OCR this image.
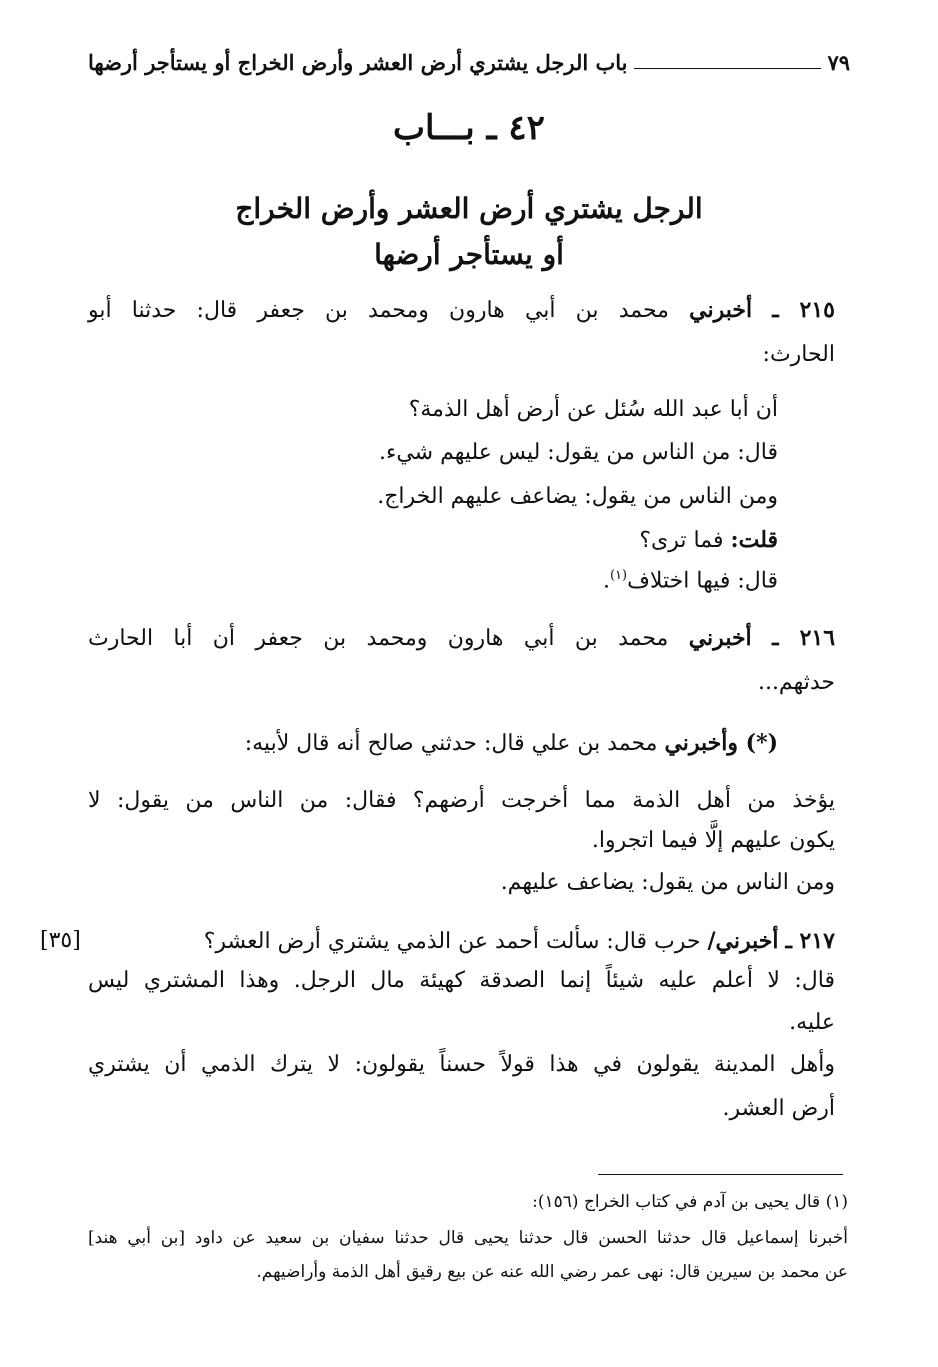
باب الرجل يشتري أرض العشر وأرض الخراج أو يستأجر أرضها	٧٩
٤٢ ـ بـــاب
الرجل يشتري أرض العشر وأرض الخراج
أو يستأجر أرضها
٢١٥ ـ أخبرني محمد بن أبي هارون ومحمد بن جعفر قال: حدثنا أبو
الحارث:
أن أبا عبد الله سُئل عن أرض أهل الذمة؟
قال: من الناس من يقول: ليس عليهم شيء.
ومن الناس من يقول: يضاعف عليهم الخراج.
قلت: فما ترى؟
قال: فيها اختلاف$^{(١)}$.
٢١٦ ـ أخبرني محمد بن أبي هارون ومحمد بن جعفر أن أبا الحارث
حدثهم...
(*) وأخبرني محمد بن علي قال: حدثني صالح أنه قال لأبيه:
يؤخذ من أهل الذمة مما أخرجت أرضهم؟ فقال: من الناس من يقول: لا
يكون عليهم إلَّا فيما اتجروا.
ومن الناس من يقول: يضاعف عليهم.
٢١٧ ـ أخبرني/ حرب قال: سألت أحمد عن الذمي يشتري أرض العشر؟
[٣٥]
قال: لا أعلم عليه شيئاً إنما الصدقة كهيئة مال الرجل. وهذا المشتري ليس
عليه.
وأهل المدينة يقولون في هذا قولاً حسناً يقولون: لا يترك الذمي أن يشتري
أرض العشر.
(١) قال يحيى بن آدم في كتاب الخراج (١٥٦):
أخبرنا إسماعيل قال حدثنا الحسن قال حدثنا يحيى قال حدثنا سفيان بن سعيد عن داود [بن أبي هند]
عن محمد بن سيرين قال: نهى عمر رضي الله عنه عن بيع رقيق أهل الذمة وأراضيهم.
